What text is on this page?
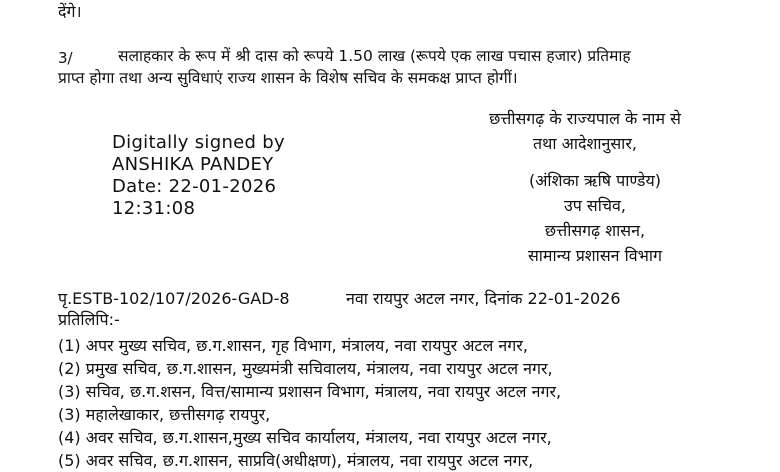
देंगे।
3/	सलाहकार के रूप में श्री दास को रूपये 1.50 लाख (रूपये एक लाख पचास हजार) प्रतिमाह
प्राप्त होगा तथा अन्य सुविधाएं राज्य शासन के विशेष सचिव के समकक्ष प्राप्त होगीं।
Digitally signed by
ANSHIKA PANDEY
Date: 22-01-2026
12:31:08
छत्तीसगढ़ के राज्यपाल के नाम से
तथा आदेशानुसार,
(अंशिका ऋषि पाण्डेय)
उप सचिव,
छत्तीसगढ़ शासन,
सामान्य प्रशासन विभाग
पृ.ESTB-102/107/2026-GAD-8	नवा रायपुर अटल नगर, दिनांक 22-01-2026
प्रतिलिपि:-
(1) अपर मुख्य सचिव, छ.ग.शासन, गृह विभाग, मंत्रालय, नवा रायपुर अटल नगर,
(2) प्रमुख सचिव, छ.ग.शासन, मुख्यमंत्री सचिवालय, मंत्रालय, नवा रायपुर अटल नगर,
(3) सचिव, छ.ग.शसन, वित्त/सामान्य प्रशासन विभाग, मंत्रालय, नवा रायपुर अटल नगर,
(3) महालेखाकार, छत्तीसगढ़ रायपुर,
(4) अवर सचिव, छ.ग.शासन,मुख्य सचिव कार्यालय, मंत्रालय, नवा रायपुर अटल नगर,
(5) अवर सचिव, छ.ग.शासन, साप्रवि(अधीक्षण), मंत्रालय, नवा रायपुर अटल नगर,
